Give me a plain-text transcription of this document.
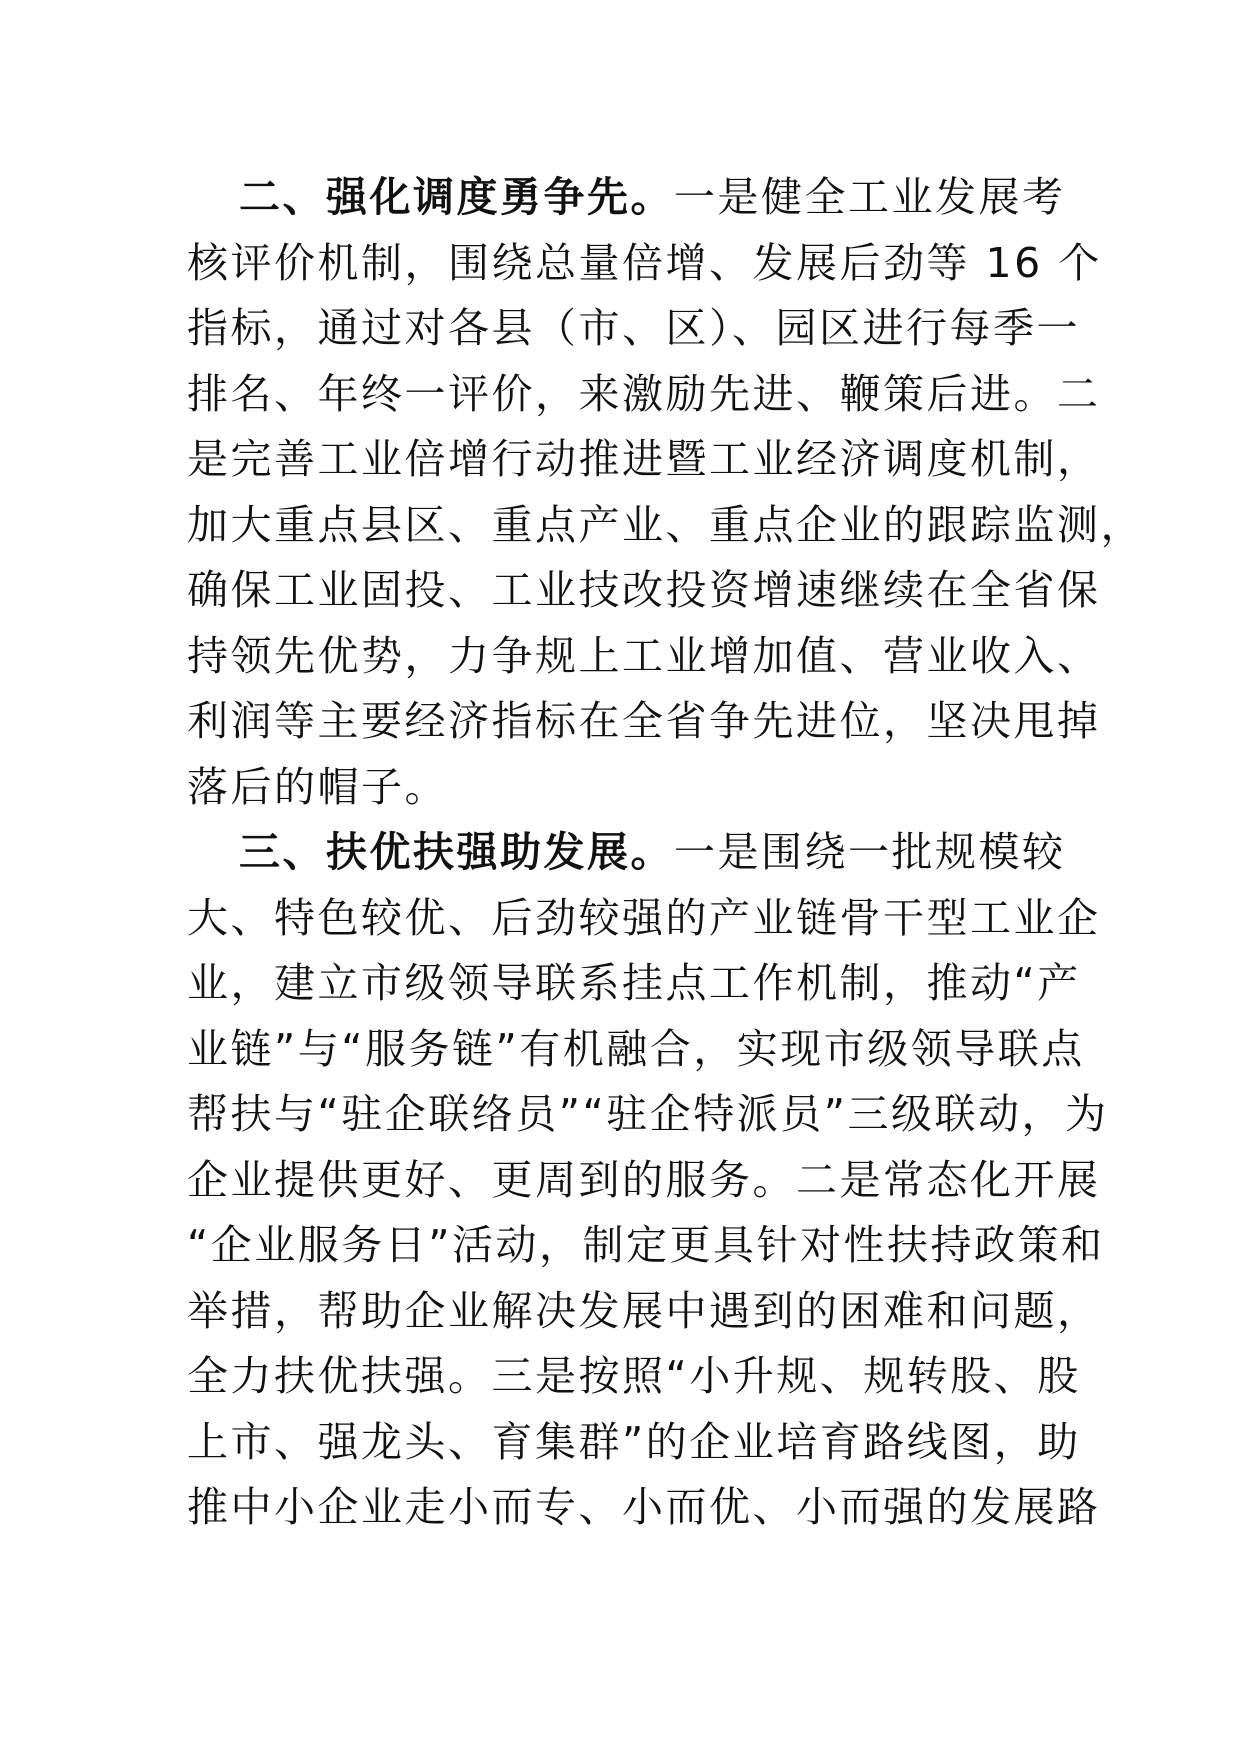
二、强化调度勇争先。一是健全工业发展考
核评价机制，围绕总量倍增、发展后劲等 16 个
指标，通过对各县（市、区）、园区进行每季一
排名、年终一评价，来激励先进、鞭策后进。二
是完善工业倍增行动推进暨工业经济调度机制，
加大重点县区、重点产业、重点企业的跟踪监测，
确保工业固投、工业技改投资增速继续在全省保
持领先优势，力争规上工业增加值、营业收入、
利润等主要经济指标在全省争先进位，坚决甩掉
落后的帽子。
三、扶优扶强助发展。一是围绕一批规模较
大、特色较优、后劲较强的产业链骨干型工业企
业，建立市级领导联系挂点工作机制，推动“产
业链”与“服务链”有机融合，实现市级领导联点
帮扶与“驻企联络员”“驻企特派员”三级联动，为
企业提供更好、更周到的服务。二是常态化开展
“企业服务日”活动，制定更具针对性扶持政策和
举措，帮助企业解决发展中遇到的困难和问题，
全力扶优扶强。三是按照“小升规、规转股、股
上市、强龙头、育集群”的企业培育路线图，助
推中小企业走小而专、小而优、小而强的发展路
